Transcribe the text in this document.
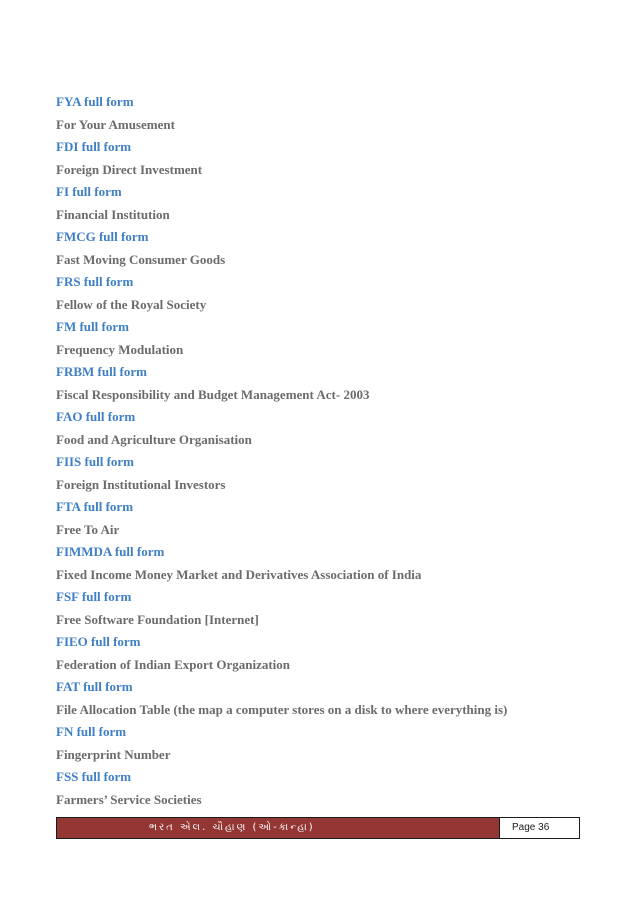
FYA full form
For Your Amusement
FDI full form
Foreign Direct Investment
FI full form
Financial Institution
FMCG full form
Fast Moving Consumer Goods
FRS full form
Fellow of the Royal Society
FM full form
Frequency Modulation
FRBM full form
Fiscal Responsibility and Budget Management Act- 2003
FAO full form
Food and Agriculture Organisation
FIIS full form
Foreign Institutional Investors
FTA full form
Free To Air
FIMMDA full form
Fixed Income Money Market and Derivatives Association of India
FSF full form
Free Software Foundation [Internet]
FIEO full form
Federation of Indian Export Organization
FAT full form
File Allocation Table (the map a computer stores on a disk to where everything is)
FN full form
Fingerprint Number
FSS full form
Farmers’ Service Societies
ભરત એલ. ચૌહાણ (ઓ-કાન્હા)	Page 36
